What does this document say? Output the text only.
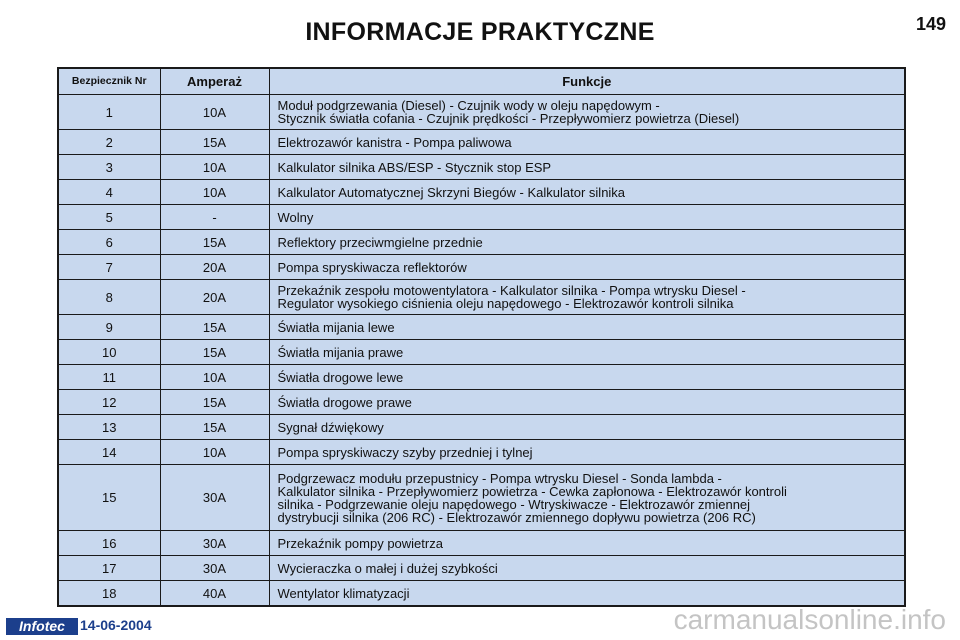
INFORMACJE PRAKTYCZNE	149
Bezpiecznik Nr	Amperaż	Funkcje
1	10A	Moduł podgrzewania (Diesel) - Czujnik wody w oleju napędowym -
Stycznik światła cofania - Czujnik prędkości - Przepływomierz powietrza (Diesel)

2	15A	Elektrozawór kanistra - Pompa paliwowa

3	10A	Kalkulator silnika ABS/ESP - Stycznik stop ESP

4	10A	Kalkulator Automatycznej Skrzyni Biegów - Kalkulator silnika

5	-	Wolny

6	15A	Reflektory przeciwmgielne przednie

7	20A	Pompa spryskiwacza reflektorów

8	20A	Przekaźnik zespołu motowentylatora - Kalkulator silnika - Pompa wtrysku Diesel -
Regulator wysokiego ciśnienia oleju napędowego - Elektrozawór kontroli silnika

9	15A	Światła mijania lewe

10	15A	Światła mijania prawe

11	10A	Światła drogowe lewe

12	15A	Światła drogowe prawe

13	15A	Sygnał dźwiękowy

14	10A	Pompa spryskiwaczy szyby przedniej i tylnej

15	30A	Podgrzewacz modułu przepustnicy - Pompa wtrysku Diesel - Sonda lambda -
Kalkulator silnika - Przepływomierz powietrza - Cewka zapłonowa - Elektrozawór kontroli
silnika - Podgrzewanie oleju napędowego - Wtryskiwacze - Elektrozawór zmiennej
dystrybucji silnika (206 RC) - Elektrozawór zmiennego dopływu powietrza (206 RC)

16	30A	Przekaźnik pompy powietrza

17	30A	Wycieraczka o małej i dużej szybkości

18	40A	Wentylator klimatyzacji
Infotec	14-06-2004	carmanualsonline.info
